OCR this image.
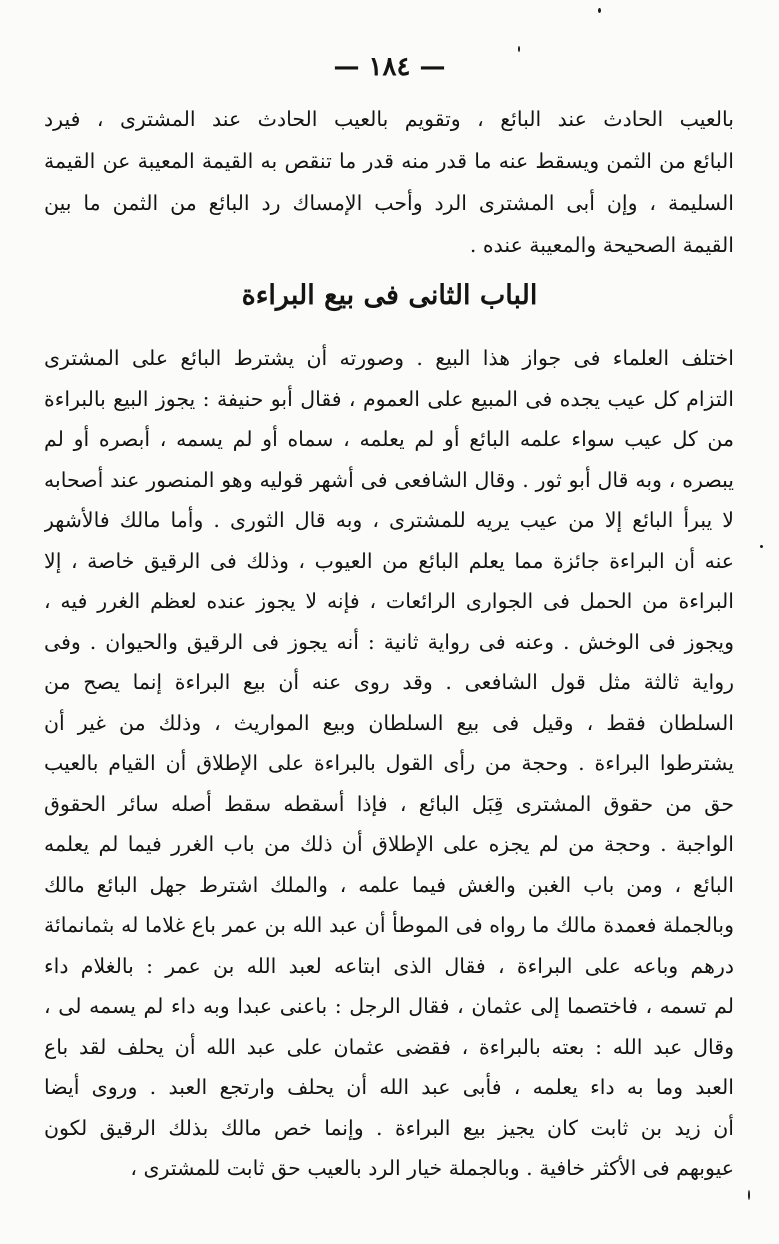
— ١٨٤ —
بالعيب الحادث عند البائع ، وتقويم بالعيب الحادث عند المشترى ، فيرد
البائع من الثمن ويسقط عنه ما قدر منه قدر ما تنقص به القيمة المعيبة عن القيمة
السليمة ، وإن أبى المشترى الرد وأحب الإمساك رد البائع من الثمن ما بين
القيمة الصحيحة والمعيبة عنده .
الباب الثانى فى بيع البراءة
اختلف العلماء فى جواز هذا البيع . وصورته أن يشترط البائع على المشترى
التزام كل عيب يجده فى المبيع على العموم ، فقال أبو حنيفة : يجوز البيع بالبراءة
من كل عيب سواء علمه البائع أو لم يعلمه ، سماه أو لم يسمه ، أبصره أو لم
يبصره ، وبه قال أبو ثور . وقال الشافعى فى أشهر قوليه وهو المنصور عند أصحابه
لا يبرأ البائع إلا من عيب يريه للمشترى ، وبه قال الثورى . وأما مالك فالأشهر
عنه أن البراءة جائزة مما يعلم البائع من العيوب ، وذلك فى الرقيق خاصة ، إلا
البراءة من الحمل فى الجوارى الرائعات ، فإنه لا يجوز عنده لعظم الغرر فيه ،
ويجوز فى الوخش . وعنه فى رواية ثانية : أنه يجوز فى الرقيق والحيوان . وفى
رواية ثالثة مثل قول الشافعى . وقد روى عنه أن بيع البراءة إنما يصح من
السلطان فقط ، وقيل فى بيع السلطان وبيع المواريث ، وذلك من غير أن
يشترطوا البراءة . وحجة من رأى القول بالبراءة على الإطلاق أن القيام بالعيب
حق من حقوق المشترى قِبَل البائع ، فإذا أسقطه سقط أصله سائر الحقوق
الواجبة . وحجة من لم يجزه على الإطلاق أن ذلك من باب الغرر فيما لم يعلمه
البائع ، ومن باب الغبن والغش فيما علمه ، والملك اشترط جهل البائع مالك
وبالجملة فعمدة مالك ما رواه فى الموطأ أن عبد الله بن عمر باع غلاما له بثمانمائة
درهم وباعه على البراءة ، فقال الذى ابتاعه لعبد الله بن عمر : بالغلام داء
لم تسمه ، فاختصما إلى عثمان ، فقال الرجل : باعنى عبدا وبه داء لم يسمه لى ،
وقال عبد الله : بعته بالبراءة ، فقضى عثمان على عبد الله أن يحلف لقد باع
العبد وما به داء يعلمه ، فأبى عبد الله أن يحلف وارتجع العبد . وروى أيضا
أن زيد بن ثابت كان يجيز بيع البراءة . وإنما خص مالك بذلك الرقيق لكون
عيوبهم فى الأكثر خافية . وبالجملة خيار الرد بالعيب حق ثابت للمشترى ،
